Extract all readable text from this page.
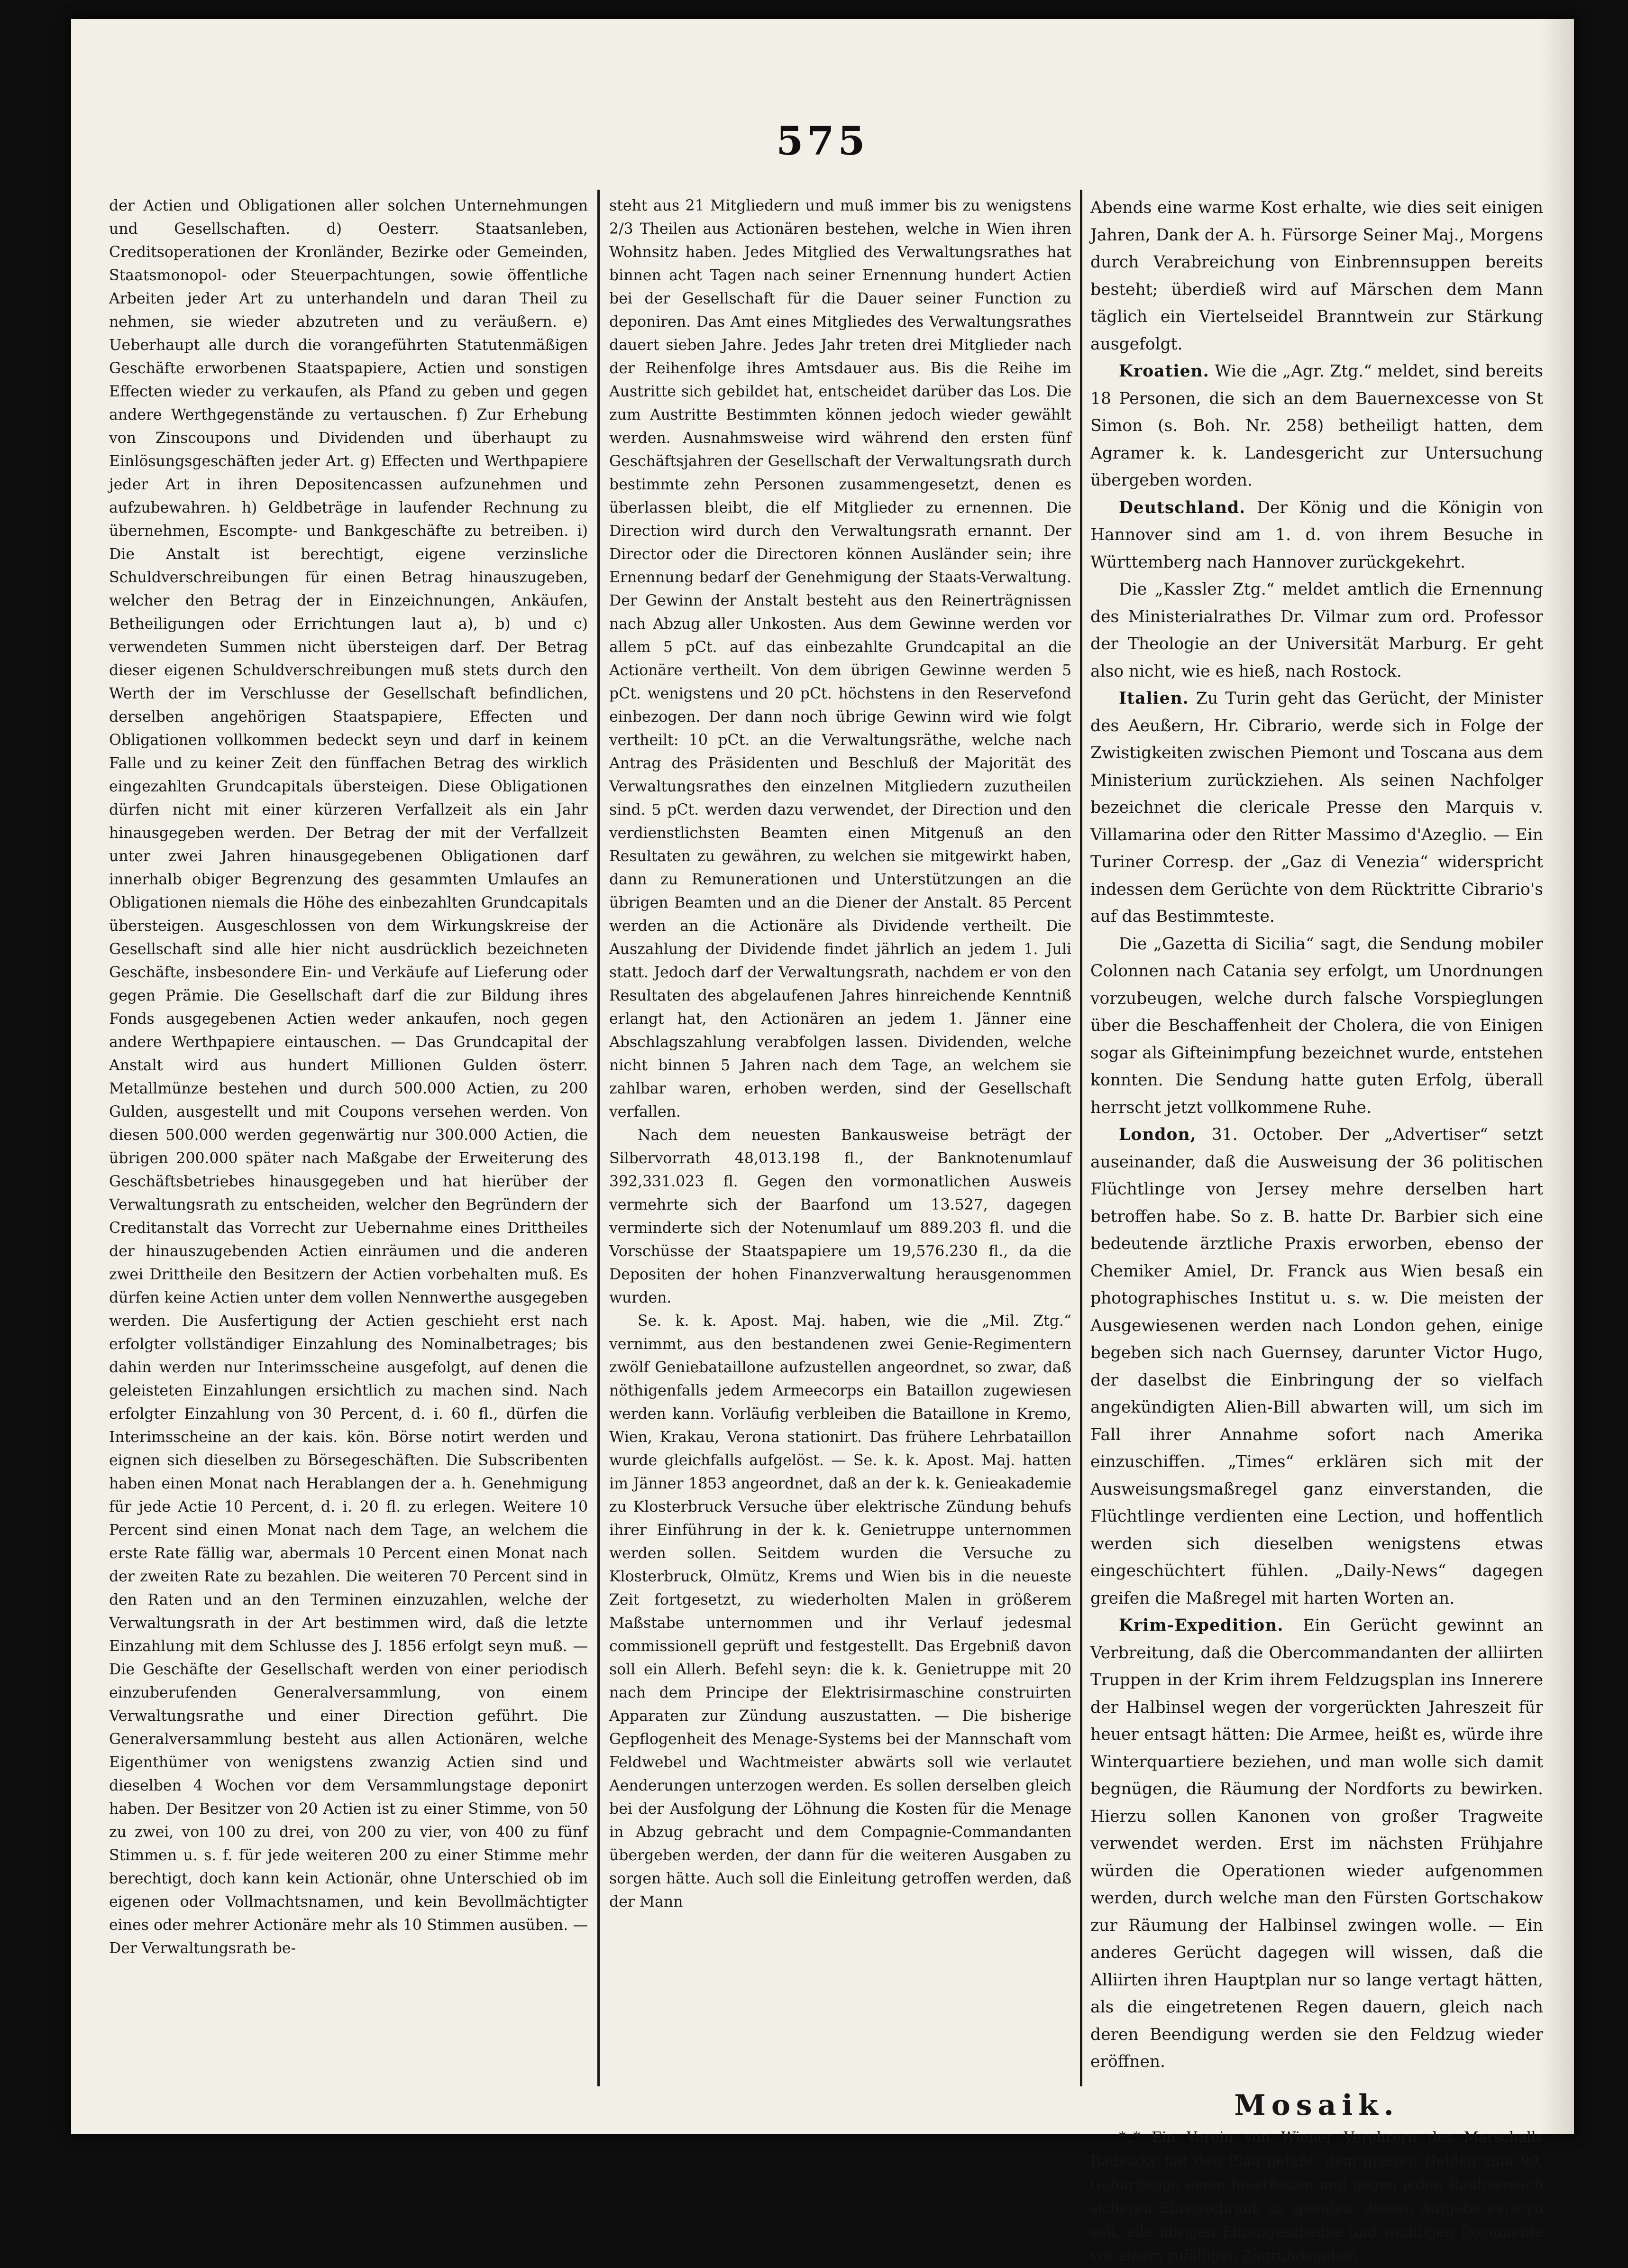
575

der Actien und Obligationen aller solchen Unternehmungen und Gesellschaften. d) Oesterr. Staatsanleben, Creditsoperationen der Kronländer, Bezirke oder Gemeinden, Staatsmonopol- oder Steuerpachtungen, sowie öffentliche Arbeiten jeder Art zu unterhandeln und daran Theil zu nehmen, sie wieder abzutreten und zu veräußern. e) Ueberhaupt alle durch die vorangeführten Statutenmäßigen Geschäfte erworbenen Staatspapiere, Actien und sonstigen Effecten wieder zu verkaufen, als Pfand zu geben und gegen andere Werthgegenstände zu vertauschen. f) Zur Erhebung von Zinscoupons und Dividenden und überhaupt zu Einlösungsgeschäften jeder Art. g) Effecten und Werthpapiere jeder Art in ihren Depositencassen aufzunehmen und aufzubewahren. h) Geldbeträge in laufender Rechnung zu übernehmen, Escompte- und Bankgeschäfte zu betreiben. i) Die Anstalt ist berechtigt, eigene verzinsliche Schuldverschreibungen für einen Betrag hinauszugeben, welcher den Betrag der in Einzeichnungen, Ankäufen, Betheiligungen oder Errichtungen laut a), b) und c) verwendeten Summen nicht übersteigen darf. Der Betrag dieser eigenen Schuldverschreibungen muß stets durch den Werth der im Verschlusse der Gesellschaft befindlichen, derselben angehörigen Staatspapiere, Effecten und Obligationen vollkommen bedeckt seyn und darf in keinem Falle und zu keiner Zeit den fünffachen Betrag des wirklich eingezahlten Grundcapitals übersteigen. Diese Obligationen dürfen nicht mit einer kürzeren Verfallzeit als ein Jahr hinausgegeben werden. Der Betrag der mit der Verfallzeit unter zwei Jahren hinausgegebenen Obligationen darf innerhalb obiger Begrenzung des gesammten Umlaufes an Obligationen niemals die Höhe des einbezahlten Grundcapitals übersteigen. Ausgeschlossen von dem Wirkungskreise der Gesellschaft sind alle hier nicht ausdrücklich bezeichneten Geschäfte, insbesondere Ein- und Verkäufe auf Lieferung oder gegen Prämie. Die Gesellschaft darf die zur Bildung ihres Fonds ausgegebenen Actien weder ankaufen, noch gegen andere Werthpapiere eintauschen. — Das Grundcapital der Anstalt wird aus hundert Millionen Gulden österr. Metallmünze bestehen und durch 500.000 Actien, zu 200 Gulden, ausgestellt und mit Coupons versehen werden. Von diesen 500.000 werden gegenwärtig nur 300.000 Actien, die übrigen 200.000 später nach Maßgabe der Erweiterung des Geschäftsbetriebes hinausgegeben und hat hierüber der Verwaltungsrath zu entscheiden, welcher den Begründern der Creditanstalt das Vorrecht zur Uebernahme eines Drittheiles der hinauszugebenden Actien einräumen und die anderen zwei Drittheile den Besitzern der Actien vorbehalten muß. Es dürfen keine Actien unter dem vollen Nennwerthe ausgegeben werden. Die Ausfertigung der Actien geschieht erst nach erfolgter vollständiger Einzahlung des Nominalbetrages; bis dahin werden nur Interimsscheine ausgefolgt, auf denen die geleisteten Einzahlungen ersichtlich zu machen sind. Nach erfolgter Einzahlung von 30 Percent, d. i. 60 fl., dürfen die Interimsscheine an der kais. kön. Börse notirt werden und eignen sich dieselben zu Börsegeschäften. Die Subscribenten haben einen Monat nach Herablangen der a. h. Genehmigung für jede Actie 10 Percent, d. i. 20 fl. zu erlegen. Weitere 10 Percent sind einen Monat nach dem Tage, an welchem die erste Rate fällig war, abermals 10 Percent einen Monat nach der zweiten Rate zu bezahlen. Die weiteren 70 Percent sind in den Raten und an den Terminen einzuzahlen, welche der Verwaltungsrath in der Art bestimmen wird, daß die letzte Einzahlung mit dem Schlusse des J. 1856 erfolgt seyn muß. — Die Geschäfte der Gesellschaft werden von einer periodisch einzuberufenden Generalversammlung, von einem Verwaltungsrathe und einer Direction geführt. Die Generalversammlung besteht aus allen Actionären, welche Eigenthümer von wenigstens zwanzig Actien sind und dieselben 4 Wochen vor dem Versammlungstage deponirt haben. Der Besitzer von 20 Actien ist zu einer Stimme, von 50 zu zwei, von 100 zu drei, von 200 zu vier, von 400 zu fünf Stimmen u. s. f. für jede weiteren 200 zu einer Stimme mehr berechtigt, doch kann kein Actionär, ohne Unterschied ob im eigenen oder Vollmachtsnamen, und kein Bevollmächtigter eines oder mehrer Actionäre mehr als 10 Stimmen ausüben. — Der Verwaltungsrath be-

steht aus 21 Mitgliedern und muß immer bis zu wenigstens 2/3 Theilen aus Actionären bestehen, welche in Wien ihren Wohnsitz haben. Jedes Mitglied des Verwaltungsrathes hat binnen acht Tagen nach seiner Ernennung hundert Actien bei der Gesellschaft für die Dauer seiner Function zu deponiren. Das Amt eines Mitgliedes des Verwaltungsrathes dauert sieben Jahre. Jedes Jahr treten drei Mitglieder nach der Reihenfolge ihres Amtsdauer aus. Bis die Reihe im Austritte sich gebildet hat, entscheidet darüber das Los. Die zum Austritte Bestimmten können jedoch wieder gewählt werden. Ausnahmsweise wird während den ersten fünf Geschäftsjahren der Gesellschaft der Verwaltungsrath durch bestimmte zehn Personen zusammengesetzt, denen es überlassen bleibt, die elf Mitglieder zu ernennen. Die Direction wird durch den Verwaltungsrath ernannt. Der Director oder die Directoren können Ausländer sein; ihre Ernennung bedarf der Genehmigung der Staats-Verwaltung. Der Gewinn der Anstalt besteht aus den Reinerträgnissen nach Abzug aller Unkosten. Aus dem Gewinne werden vor allem 5 pCt. auf das einbezahlte Grundcapital an die Actionäre vertheilt. Von dem übrigen Gewinne werden 5 pCt. wenigstens und 20 pCt. höchstens in den Reservefond einbezogen. Der dann noch übrige Gewinn wird wie folgt vertheilt: 10 pCt. an die Verwaltungsräthe, welche nach Antrag des Präsidenten und Beschluß der Majorität des Verwaltungsrathes den einzelnen Mitgliedern zuzutheilen sind. 5 pCt. werden dazu verwendet, der Direction und den verdienstlichsten Beamten einen Mitgenuß an den Resultaten zu gewähren, zu welchen sie mitgewirkt haben, dann zu Remunerationen und Unterstützungen an die übrigen Beamten und an die Diener der Anstalt. 85 Percent werden an die Actionäre als Dividende vertheilt. Die Auszahlung der Dividende findet jährlich an jedem 1. Juli statt. Jedoch darf der Verwaltungsrath, nachdem er von den Resultaten des abgelaufenen Jahres hinreichende Kenntniß erlangt hat, den Actionären an jedem 1. Jänner eine Abschlagszahlung verabfolgen lassen. Dividenden, welche nicht binnen 5 Jahren nach dem Tage, an welchem sie zahlbar waren, erhoben werden, sind der Gesellschaft verfallen.

Nach dem neuesten Bankausweise beträgt der Silbervorrath 48,013.198 fl., der Banknotenumlauf 392,331.023 fl. Gegen den vormonatlichen Ausweis vermehrte sich der Baarfond um 13.527, dagegen verminderte sich der Notenumlauf um 889.203 fl. und die Vorschüsse der Staatspapiere um 19,576.230 fl., da die Depositen der hohen Finanzverwaltung herausgenommen wurden.

Se. k. k. Apost. Maj. haben, wie die „Mil. Ztg.“ vernimmt, aus den bestandenen zwei Genie-Regimentern zwölf Geniebataillone aufzustellen angeordnet, so zwar, daß nöthigenfalls jedem Armeecorps ein Bataillon zugewiesen werden kann. Vorläufig verbleiben die Bataillone in Kremo, Wien, Krakau, Verona stationirt. Das frühere Lehrbataillon wurde gleichfalls aufgelöst. — Se. k. k. Apost. Maj. hatten im Jänner 1853 angeordnet, daß an der k. k. Genieakademie zu Klosterbruck Versuche über elektrische Zündung behufs ihrer Einführung in der k. k. Genietruppe unternommen werden sollen. Seitdem wurden die Versuche zu Klosterbruck, Olmütz, Krems und Wien bis in die neueste Zeit fortgesetzt, zu wiederholten Malen in größerem Maßstabe unternommen und ihr Verlauf jedesmal commissionell geprüft und festgestellt. Das Ergebniß davon soll ein Allerh. Befehl seyn: die k. k. Genietruppe mit 20 nach dem Principe der Elektrisirmaschine construirten Apparaten zur Zündung auszustatten. — Die bisherige Gepflogenheit des Menage-Systems bei der Mannschaft vom Feldwebel und Wachtmeister abwärts soll wie verlautet Aenderungen unterzogen werden. Es sollen derselben gleich bei der Ausfolgung der Löhnung die Kosten für die Menage in Abzug gebracht und dem Compagnie-Commandanten übergeben werden, der dann für die weiteren Ausgaben zu sorgen hätte. Auch soll die Einleitung getroffen werden, daß der Mann

Abends eine warme Kost erhalte, wie dies seit einigen Jahren, Dank der A. h. Fürsorge Seiner Maj., Morgens durch Verabreichung von Einbrennsuppen bereits besteht; überdieß wird auf Märschen dem Mann täglich ein Viertelseidel Branntwein zur Stärkung ausgefolgt.

Kroatien. Wie die „Agr. Ztg.“ meldet, sind bereits 18 Personen, die sich an dem Bauernexcesse von St Simon (s. Boh. Nr. 258) betheiligt hatten, dem Agramer k. k. Landesgericht zur Untersuchung übergeben worden.

Deutschland. Der König und die Königin von Hannover sind am 1. d. von ihrem Besuche in Württemberg nach Hannover zurückgekehrt.

Die „Kassler Ztg.“ meldet amtlich die Ernennung des Ministerialrathes Dr. Vilmar zum ord. Professor der Theologie an der Universität Marburg. Er geht also nicht, wie es hieß, nach Rostock.

Italien. Zu Turin geht das Gerücht, der Minister des Aeußern, Hr. Cibrario, werde sich in Folge der Zwistigkeiten zwischen Piemont und Toscana aus dem Ministerium zurückziehen. Als seinen Nachfolger bezeichnet die clericale Presse den Marquis v. Villamarina oder den Ritter Massimo d'Azeglio. — Ein Turiner Corresp. der „Gaz di Venezia“ widerspricht indessen dem Gerüchte von dem Rücktritte Cibrario's auf das Bestimmteste.

Die „Gazetta di Sicilia“ sagt, die Sendung mobiler Colonnen nach Catania sey erfolgt, um Unordnungen vorzubeugen, welche durch falsche Vorspieglungen über die Beschaffenheit der Cholera, die von Einigen sogar als Gifteinimpfung bezeichnet wurde, entstehen konnten. Die Sendung hatte guten Erfolg, überall herrscht jetzt vollkommene Ruhe.

London, 31. October. Der „Advertiser“ setzt auseinander, daß die Ausweisung der 36 politischen Flüchtlinge von Jersey mehre derselben hart betroffen habe. So z. B. hatte Dr. Barbier sich eine bedeutende ärztliche Praxis erworben, ebenso der Chemiker Amiel, Dr. Franck aus Wien besaß ein photographisches Institut u. s. w. Die meisten der Ausgewiesenen werden nach London gehen, einige begeben sich nach Guernsey, darunter Victor Hugo, der daselbst die Einbringung der so vielfach angekündigten Alien-Bill abwarten will, um sich im Fall ihrer Annahme sofort nach Amerika einzuschiffen. „Times“ erklären sich mit der Ausweisungsmaßregel ganz einverstanden, die Flüchtlinge verdienten eine Lection, und hoffentlich werden sich dieselben wenigstens etwas eingeschüchtert fühlen. „Daily-News“ dagegen greifen die Maßregel mit harten Worten an.

Krim-Expedition. Ein Gerücht gewinnt an Verbreitung, daß die Obercommandanten der alliirten Truppen in der Krim ihrem Feldzugsplan ins Innerere der Halbinsel wegen der vorgerückten Jahreszeit für heuer entsagt hätten: Die Armee, heißt es, würde ihre Winterquartiere beziehen, und man wolle sich damit begnügen, die Räumung der Nordforts zu bewirken. Hierzu sollen Kanonen von großer Tragweite verwendet werden. Erst im nächsten Frühjahre würden die Operationen wieder aufgenommen werden, durch welche man den Fürsten Gortschakow zur Räumung der Halbinsel zwingen wolle. — Ein anderes Gerücht dagegen will wissen, daß die Alliirten ihren Hauptplan nur so lange vertagt hätten, als die eingetretenen Regen dauern, gleich nach deren Beendigung werden sie den Feldzug wieder eröffnen.

Mosaik.

*„* Ein Verein von Wiener Verehrern des Marschalls Radetzky hat den Plan gefaßt, dem greisen Helden zum 90. Geburtstage einen feuerfesten und gegen jeden Raubversuch sicheren Ehrenschrank zu spenden, dessen Aufgabe es seyn soll, alle übrigen Ehrengeschenke und wichtigen Documente vor einem zufälligen Zugrundegehen
